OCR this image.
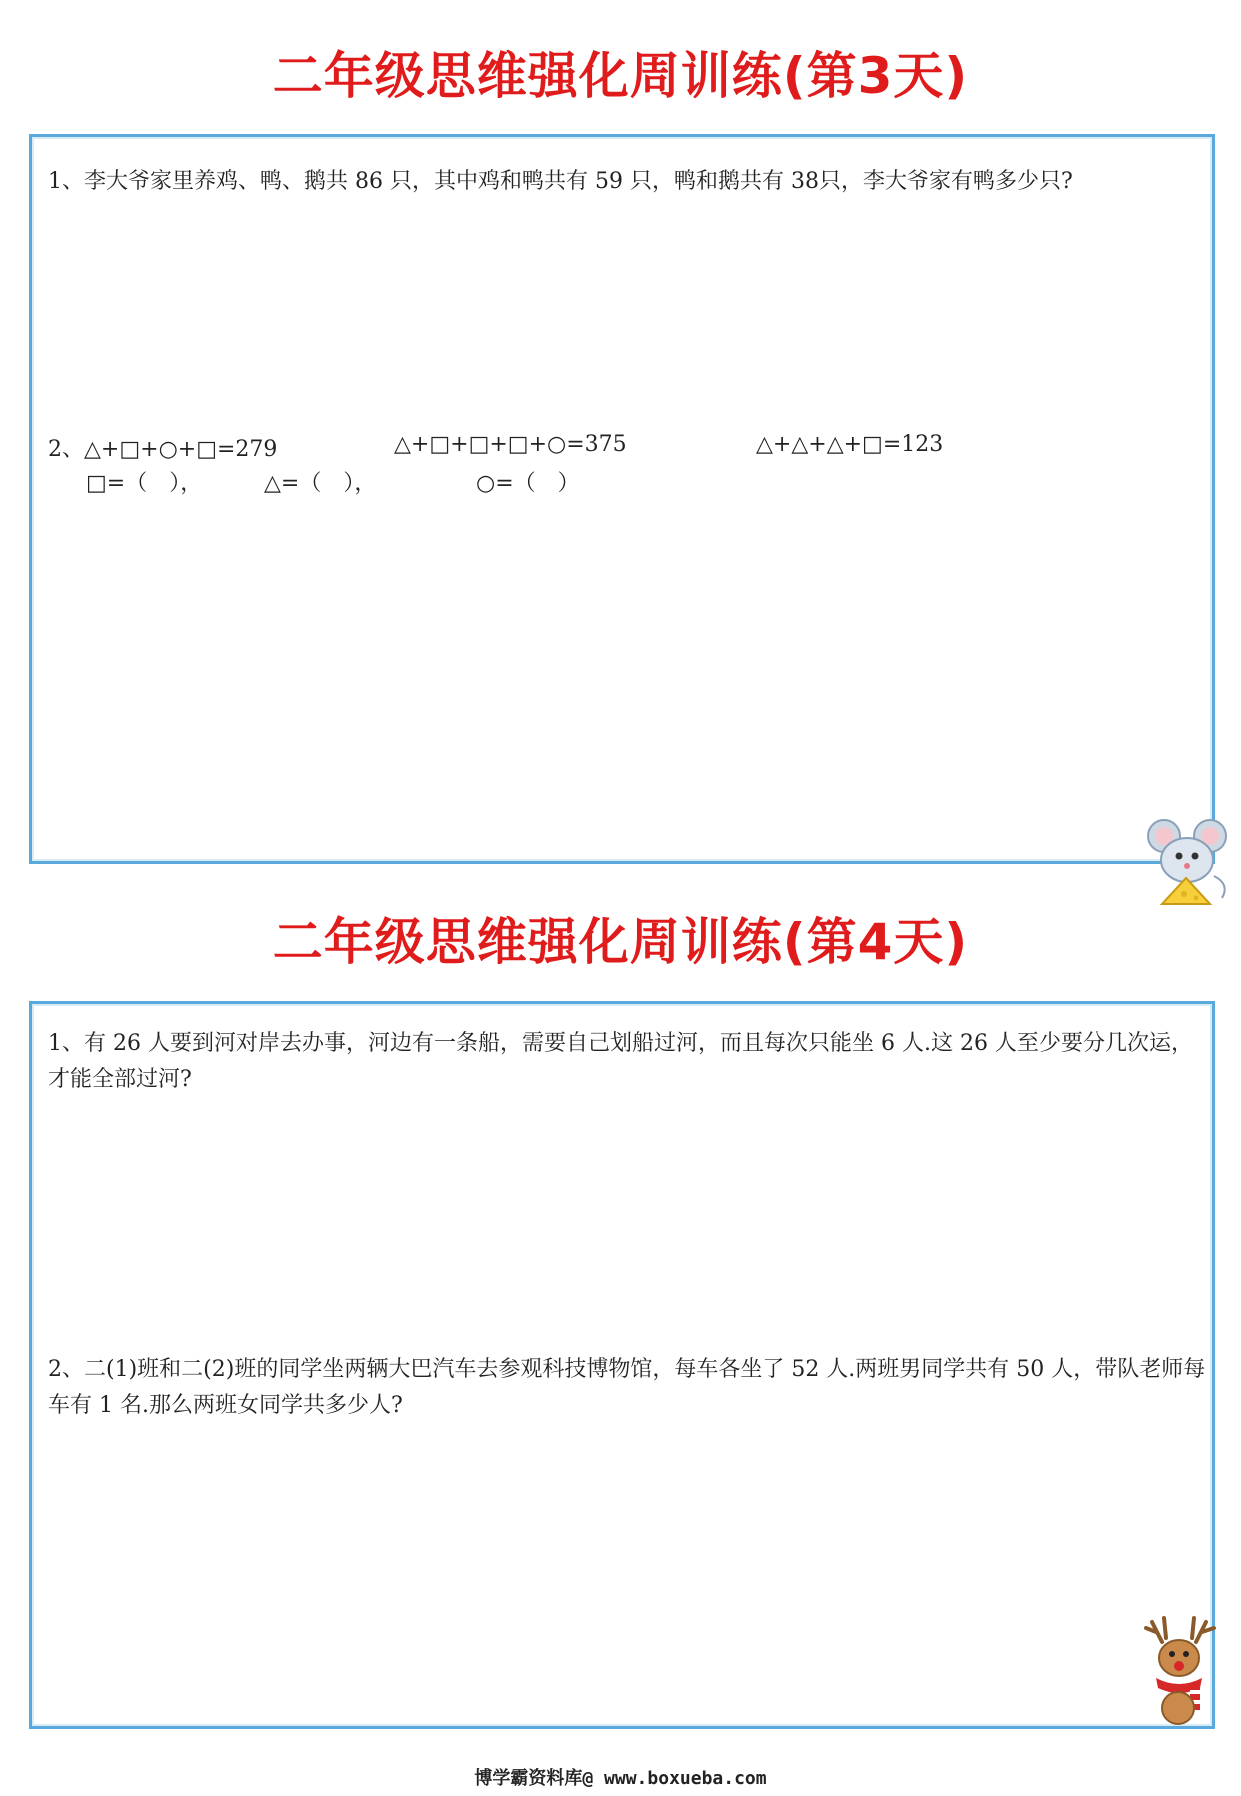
二年级思维强化周训练(第3天)
1、李大爷家里养鸡、鸭、鹅共 86 只，其中鸡和鸭共有 59 只，鸭和鹅共有 38只，李大爷家有鸭多少只?
2、△+□+○+□=279	△+□+□+□+○=375	△+△+△+□=123
□=（　），	△=（　），	○=（　）
二年级思维强化周训练(第4天)
1、有 26 人要到河对岸去办事，河边有一条船，需要自己划船过河，而且每次只能坐 6 人.这 26 人至少要分几次运，才能全部过河?
2、二(1)班和二(2)班的同学坐两辆大巴汽车去参观科技博物馆，每车各坐了 52 人.两班男同学共有 50 人，带队老师每车有 1 名.那么两班女同学共多少人?
博学霸资料库@ www.boxueba.com
